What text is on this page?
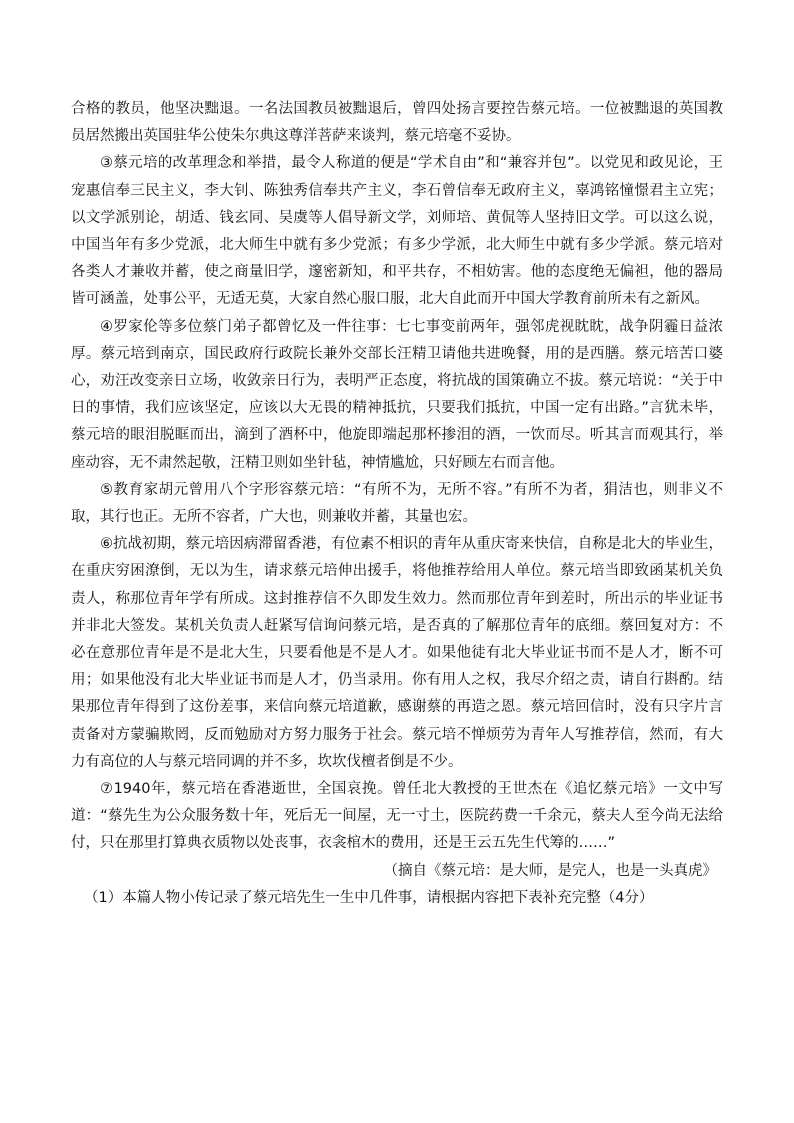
合格的教员，他坚决黜退。一名法国教员被黜退后，曾四处扬言要控告蔡元培。一位被黜退的英国教员居然搬出英国驻华公使朱尔典这尊洋菩萨来谈判，蔡元培毫不妥协。

③蔡元培的改革理念和举措，最令人称道的便是“学术自由”和“兼容并包”。以党见和政见论，王宠惠信奉三民主义，李大钊、陈独秀信奉共产主义，李石曾信奉无政府主义，辜鸿铭憧憬君主立宪；以文学派别论，胡适、钱玄同、吴虞等人倡导新文学，刘师培、黄侃等人坚持旧文学。可以这么说，中国当年有多少党派，北大师生中就有多少党派；有多少学派，北大师生中就有多少学派。蔡元培对各类人才兼收并蓄，使之商量旧学，邃密新知，和平共存，不相妨害。他的态度绝无偏袒，他的器局皆可涵盖，处事公平，无适无莫，大家自然心服口服，北大自此而开中国大学教育前所未有之新风。

④罗家伦等多位蔡门弟子都曾忆及一件往事：七七事变前两年，强邻虎视眈眈，战争阴霾日益浓厚。蔡元培到南京，国民政府行政院长兼外交部长汪精卫请他共进晚餐，用的是西膳。蔡元培苦口婆心，劝汪改变亲日立场，收敛亲日行为，表明严正态度，将抗战的国策确立不拔。蔡元培说：“关于中日的事情，我们应该坚定，应该以大无畏的精神抵抗，只要我们抵抗，中国一定有出路。”言犹未毕，蔡元培的眼泪脱眶而出，滴到了酒杯中，他旋即端起那杯掺泪的酒，一饮而尽。听其言而观其行，举座动容，无不肃然起敬，汪精卫则如坐针毡，神情尴尬，只好顾左右而言他。

⑤教育家胡元曾用八个字形容蔡元培：“有所不为，无所不容。”有所不为者，狷洁也，则非义不取，其行也正。无所不容者，广大也，则兼收并蓄，其量也宏。

⑥抗战初期，蔡元培因病滞留香港，有位素不相识的青年从重庆寄来快信，自称是北大的毕业生，在重庆穷困潦倒，无以为生，请求蔡元培伸出援手，将他推荐给用人单位。蔡元培当即致函某机关负责人，称那位青年学有所成。这封推荐信不久即发生效力。然而那位青年到差时，所出示的毕业证书并非北大签发。某机关负责人赶紧写信询问蔡元培，是否真的了解那位青年的底细。蔡回复对方：不必在意那位青年是不是北大生，只要看他是不是人才。如果他徒有北大毕业证书而不是人才，断不可用；如果他没有北大毕业证书而是人才，仍当录用。你有用人之权，我尽介绍之责，请自行斟酌。结果那位青年得到了这份差事，来信向蔡元培道歉，感谢蔡的再造之恩。蔡元培回信时，没有只字片言责备对方蒙骗欺罔，反而勉励对方努力服务于社会。蔡元培不惮烦劳为青年人写推荐信，然而，有大力有高位的人与蔡元培同调的并不多，坎坎伐檀者倒是不少。

⑦1940年，蔡元培在香港逝世，全国哀挽。曾任北大教授的王世杰在《追忆蔡元培》一文中写道：“蔡先生为公众服务数十年，死后无一间屋，无一寸土，医院药费一千余元，蔡夫人至今尚无法给付，只在那里打算典衣质物以处丧事，衣衾棺木的费用，还是王云五先生代筹的……”

（摘自《蔡元培：是大师，是完人，也是一头真虎》

（1）本篇人物小传记录了蔡元培先生一生中几件事，请根据内容把下表补充完整（4分）
